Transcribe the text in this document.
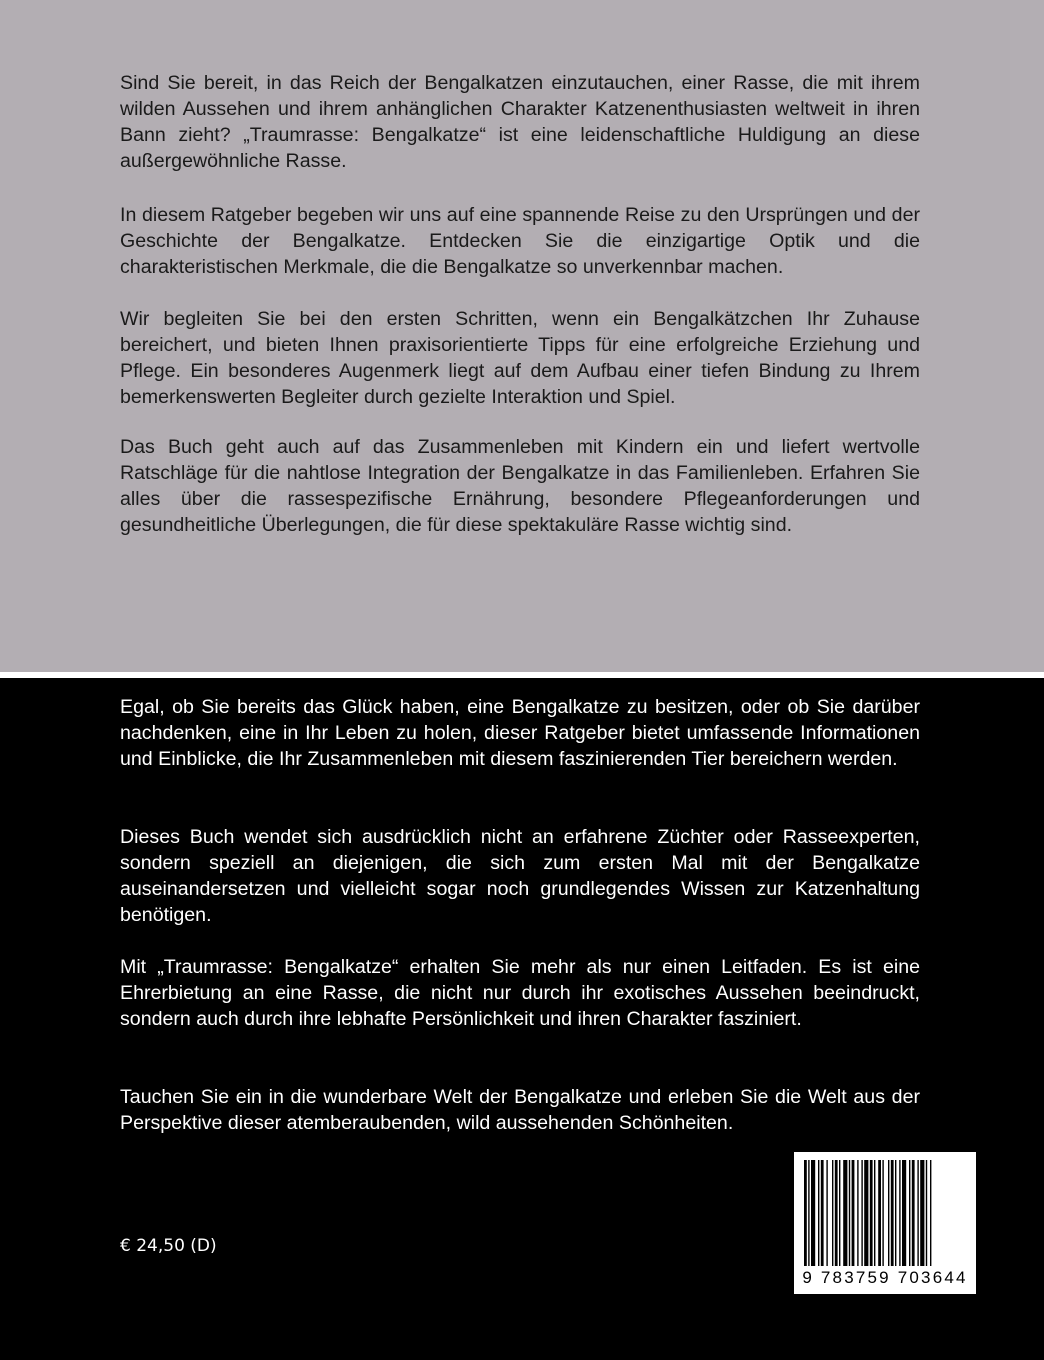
Sind Sie bereit, in das Reich der Bengalkatzen einzutauchen, einer Rasse, die mit ihrem wilden Aussehen und ihrem anhänglichen Charakter Katzenenthusiasten weltweit in ihren Bann zieht? „Traumrasse: Bengalkatze“ ist eine leidenschaftliche Huldigung an diese außergewöhnliche Rasse.

In diesem Ratgeber begeben wir uns auf eine spannende Reise zu den Ursprüngen und der Geschichte der Bengalkatze. Entdecken Sie die einzigartige Optik und die charakteristischen Merkmale, die die Bengalkatze so unverkennbar machen.

Wir begleiten Sie bei den ersten Schritten, wenn ein Bengalkätzchen Ihr Zuhause bereichert, und bieten Ihnen praxisorientierte Tipps für eine erfolgreiche Erziehung und Pflege. Ein besonderes Augenmerk liegt auf dem Aufbau einer tiefen Bindung zu Ihrem bemerkenswerten Begleiter durch gezielte Interaktion und Spiel.

Das Buch geht auch auf das Zusammenleben mit Kindern ein und liefert wertvolle Ratschläge für die nahtlose Integration der Bengalkatze in das Familienleben. Erfahren Sie alles über die rassespezifische Ernährung, besondere Pflegeanforderungen und gesundheitliche Überlegungen, die für diese spektakuläre Rasse wichtig sind.

Egal, ob Sie bereits das Glück haben, eine Bengalkatze zu besitzen, oder ob Sie darüber nachdenken, eine in Ihr Leben zu holen, dieser Ratgeber bietet umfassende Informationen und Einblicke, die Ihr Zusammenleben mit diesem faszinierenden Tier bereichern werden.

Dieses Buch wendet sich ausdrücklich nicht an erfahrene Züchter oder Rasseexperten, sondern speziell an diejenigen, die sich zum ersten Mal mit der Bengalkatze auseinandersetzen und vielleicht sogar noch grundlegendes Wissen zur Katzenhaltung benötigen.

Mit „Traumrasse: Bengalkatze“ erhalten Sie mehr als nur einen Leitfaden. Es ist eine Ehrerbietung an eine Rasse, die nicht nur durch ihr exotisches Aussehen beeindruckt, sondern auch durch ihre lebhafte Persönlichkeit und ihren Charakter fasziniert.

Tauchen Sie ein in die wunderbare Welt der Bengalkatze und erleben Sie die Welt aus der Perspektive dieser atemberaubenden, wild aussehenden Schönheiten.

€ 24,50 (D)

9 783759 703644
